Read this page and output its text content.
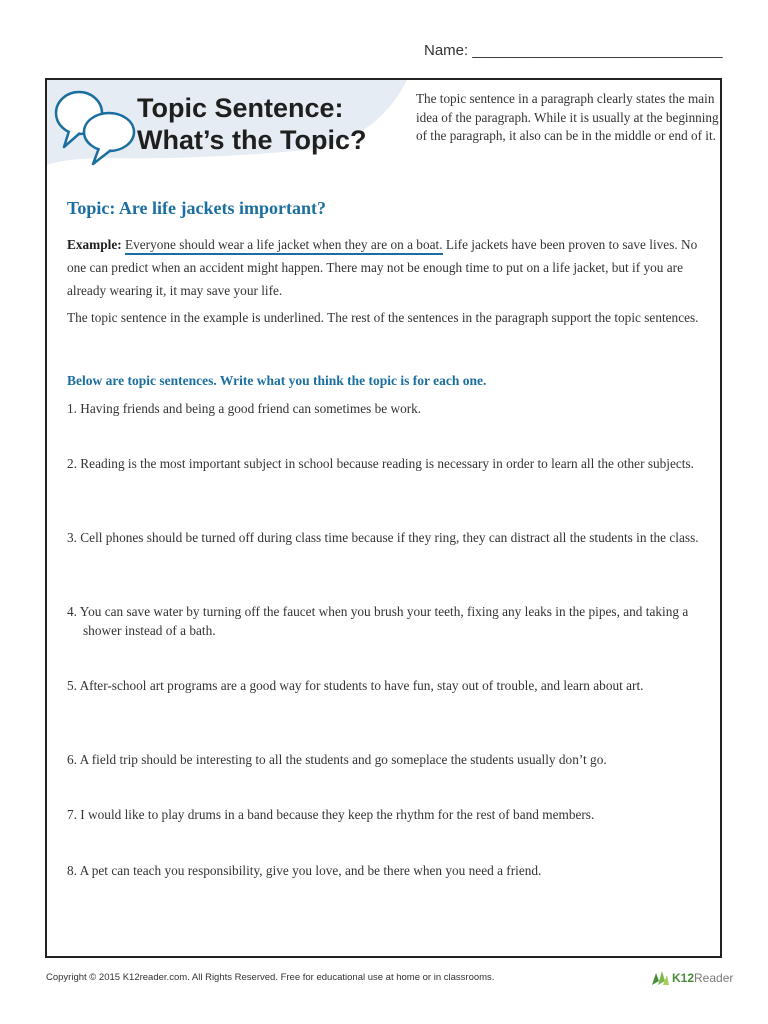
Name: ______________________________
Topic Sentence:
What’s the Topic?
The topic sentence in a paragraph clearly states the main idea of the paragraph. While it is usually at the beginning of the paragraph, it also can be in the middle or end of it.
Topic: Are life jackets important?
Example: Everyone should wear a life jacket when they are on a boat. Life jackets have been proven to save lives. No one can predict when an accident might happen. There may not be enough time to put on a life jacket, but if you are already wearing it, it may save your life.
The topic sentence in the example is underlined. The rest of the sentences in the paragraph support the topic sentences.
Below are topic sentences. Write what you think the topic is for each one.
1. Having friends and being a good friend can sometimes be work.
2. Reading is the most important subject in school because reading is necessary in order to learn all the other subjects.
3. Cell phones should be turned off during class time because if they ring, they can distract all the students in the class.
4. You can save water by turning off the faucet when you brush your teeth, fixing any leaks in the pipes, and taking a shower instead of a bath.
5. After-school art programs are a good way for students to have fun, stay out of trouble, and learn about art.
6. A field trip should be interesting to all the students and go someplace the students usually don’t go.
7. I would like to play drums in a band because they keep the rhythm for the rest of band members.
8. A pet can teach you responsibility, give you love, and be there when you need a friend.
Copyright © 2015 K12reader.com. All Rights Reserved. Free for educational use at home or in classrooms.	K12Reader
